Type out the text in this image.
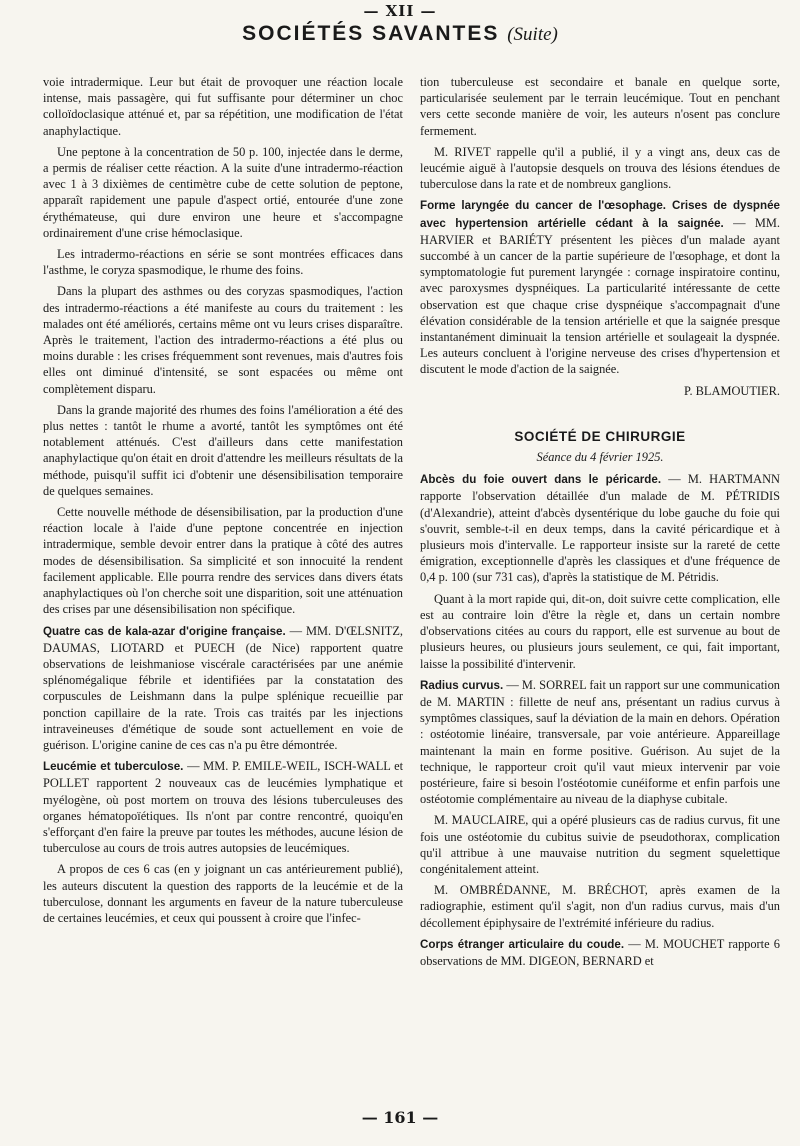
— XII —
SOCIÉTÉS SAVANTES (Suite)

voie intradermique. Leur but était de provoquer une réaction locale intense, mais passagère, qui fut suffisante pour déterminer un choc colloïdoclasique atténué et, par sa répétition, une modification de l'état anaphylactique.

Une peptone à la concentration de 50 p. 100, injectée dans le derme, a permis de réaliser cette réaction. A la suite d'une intradermo-réaction avec 1 à 3 dixièmes de centimètre cube de cette solution de peptone, apparaît rapidement une papule d'aspect ortié, entourée d'une zone érythémateuse, qui dure environ une heure et s'accompagne ordinairement d'une crise hémoclasique.

Les intradermo-réactions en série se sont montrées efficaces dans l'asthme, le coryza spasmodique, le rhume des foins.

Dans la plupart des asthmes ou des coryzas spasmodiques, l'action des intradermo-réactions a été manifeste au cours du traitement : les malades ont été améliorés, certains même ont vu leurs crises disparaître. Après le traitement, l'action des intradermo-réactions a été plus ou moins durable : les crises fréquemment sont revenues, mais d'autres fois elles ont diminué d'intensité, se sont espacées ou même ont complètement disparu.

Dans la grande majorité des rhumes des foins l'amélioration a été des plus nettes : tantôt le rhume a avorté, tantôt les symptômes ont été notablement atténués. C'est d'ailleurs dans cette manifestation anaphylactique qu'on était en droit d'attendre les meilleurs résultats de la méthode, puisqu'il suffit ici d'obtenir une désensibilisation temporaire de quelques semaines.

Cette nouvelle méthode de désensibilisation, par la production d'une réaction locale à l'aide d'une peptone concentrée en injection intradermique, semble devoir entrer dans la pratique à côté des autres modes de désensibilisation. Sa simplicité et son innocuité la rendent facilement applicable. Elle pourra rendre des services dans divers états anaphylactiques où l'on cherche soit une disparition, soit une atténuation des crises par une désensibilisation non spécifique.

Quatre cas de kala-azar d'origine française. — MM. D'ŒLSNITZ, DAUMAS, LIOTARD et PUECH (de Nice) rapportent quatre observations de leishmaniose viscérale caractérisées par une anémie splénomégalique fébrile et identifiées par la constatation des corpuscules de Leishmann dans la pulpe splénique recueillie par ponction capillaire de la rate. Trois cas traités par les injections intraveineuses d'émétique de soude sont actuellement en voie de guérison. L'origine canine de ces cas n'a pu être démontrée.

Leucémie et tuberculose. — MM. P. EMILE-WEIL, ISCH-WALL et POLLET rapportent 2 nouveaux cas de leucémies lymphatique et myélogène, où post mortem on trouva des lésions tuberculeuses des organes hématopoïétiques. Ils n'ont par contre rencontré, quoiqu'en s'efforçant d'en faire la preuve par toutes les méthodes, aucune lésion de tuberculose au cours de trois autres autopsies de leucémiques.

A propos de ces 6 cas (en y joignant un cas antérieurement publié), les auteurs discutent la question des rapports de la leucémie et de la tuberculose, donnant les arguments en faveur de la nature tuberculeuse de certaines leucémies, et ceux qui poussent à croire que l'infec-

tion tuberculeuse est secondaire et banale en quelque sorte, particularisée seulement par le terrain leucémique. Tout en penchant vers cette seconde manière de voir, les auteurs n'osent pas conclure fermement.

M. RIVET rappelle qu'il a publié, il y a vingt ans, deux cas de leucémie aiguë à l'autopsie desquels on trouva des lésions étendues de tuberculose dans la rate et de nombreux ganglions.

Forme laryngée du cancer de l'œsophage. Crises de dyspnée avec hypertension artérielle cédant à la saignée. — MM. HARVIER et BARIÉTY présentent les pièces d'un malade ayant succombé à un cancer de la partie supérieure de l'œsophage, et dont la symptomatologie fut purement laryngée : cornage inspiratoire continu, avec paroxysmes dyspnéiques. La particularité intéressante de cette observation est que chaque crise dyspnéique s'accompagnait d'une élévation considérable de la tension artérielle et que la saignée presque instantanément diminuait la tension artérielle et soulageait la dyspnée. Les auteurs concluent à l'origine nerveuse des crises d'hypertension et discutent le mode d'action de la saignée.

P. BLAMOUTIER.

SOCIÉTÉ DE CHIRURGIE
Séance du 4 février 1925.

Abcès du foie ouvert dans le péricarde. — M. HARTMANN rapporte l'observation détaillée d'un malade de M. PÉTRIDIS (d'Alexandrie), atteint d'abcès dysentérique du lobe gauche du foie qui s'ouvrit, semble-t-il en deux temps, dans la cavité péricardique et à plusieurs mois d'intervalle. Le rapporteur insiste sur la rareté de cette émigration, exceptionnelle d'après les classiques et d'une fréquence de 0,4 p. 100 (sur 731 cas), d'après la statistique de M. Pétridis.

Quant à la mort rapide qui, dit-on, doit suivre cette complication, elle est au contraire loin d'être la règle et, dans un certain nombre d'observations citées au cours du rapport, elle est survenue au bout de plusieurs heures, ou plusieurs jours seulement, ce qui, fait important, laisse la possibilité d'intervenir.

Radius curvus. — M. SORREL fait un rapport sur une communication de M. MARTIN : fillette de neuf ans, présentant un radius curvus à symptômes classiques, sauf la déviation de la main en dehors. Opération : ostéotomie linéaire, transversale, par voie antérieure. Appareillage maintenant la main en forme positive. Guérison. Au sujet de la technique, le rapporteur croit qu'il vaut mieux intervenir par voie postérieure, faire si besoin l'ostéotomie cunéiforme et enfin parfois une ostéotomie complémentaire au niveau de la diaphyse cubitale.

M. MAUCLAIRE, qui a opéré plusieurs cas de radius curvus, fit une fois une ostéotomie du cubitus suivie de pseudothorax, complication qu'il attribue à une mauvaise nutrition du segment squelettique congénitalement atteint.

M. OMBRÉDANNE, M. BRÉCHOT, après examen de la radiographie, estiment qu'il s'agit, non d'un radius curvus, mais d'un décollement épiphysaire de l'extrémité inférieure du radius.

Corps étranger articulaire du coude. — M. MOUCHET rapporte 6 observations de MM. DIGEON, BERNARD et

— 161 —
